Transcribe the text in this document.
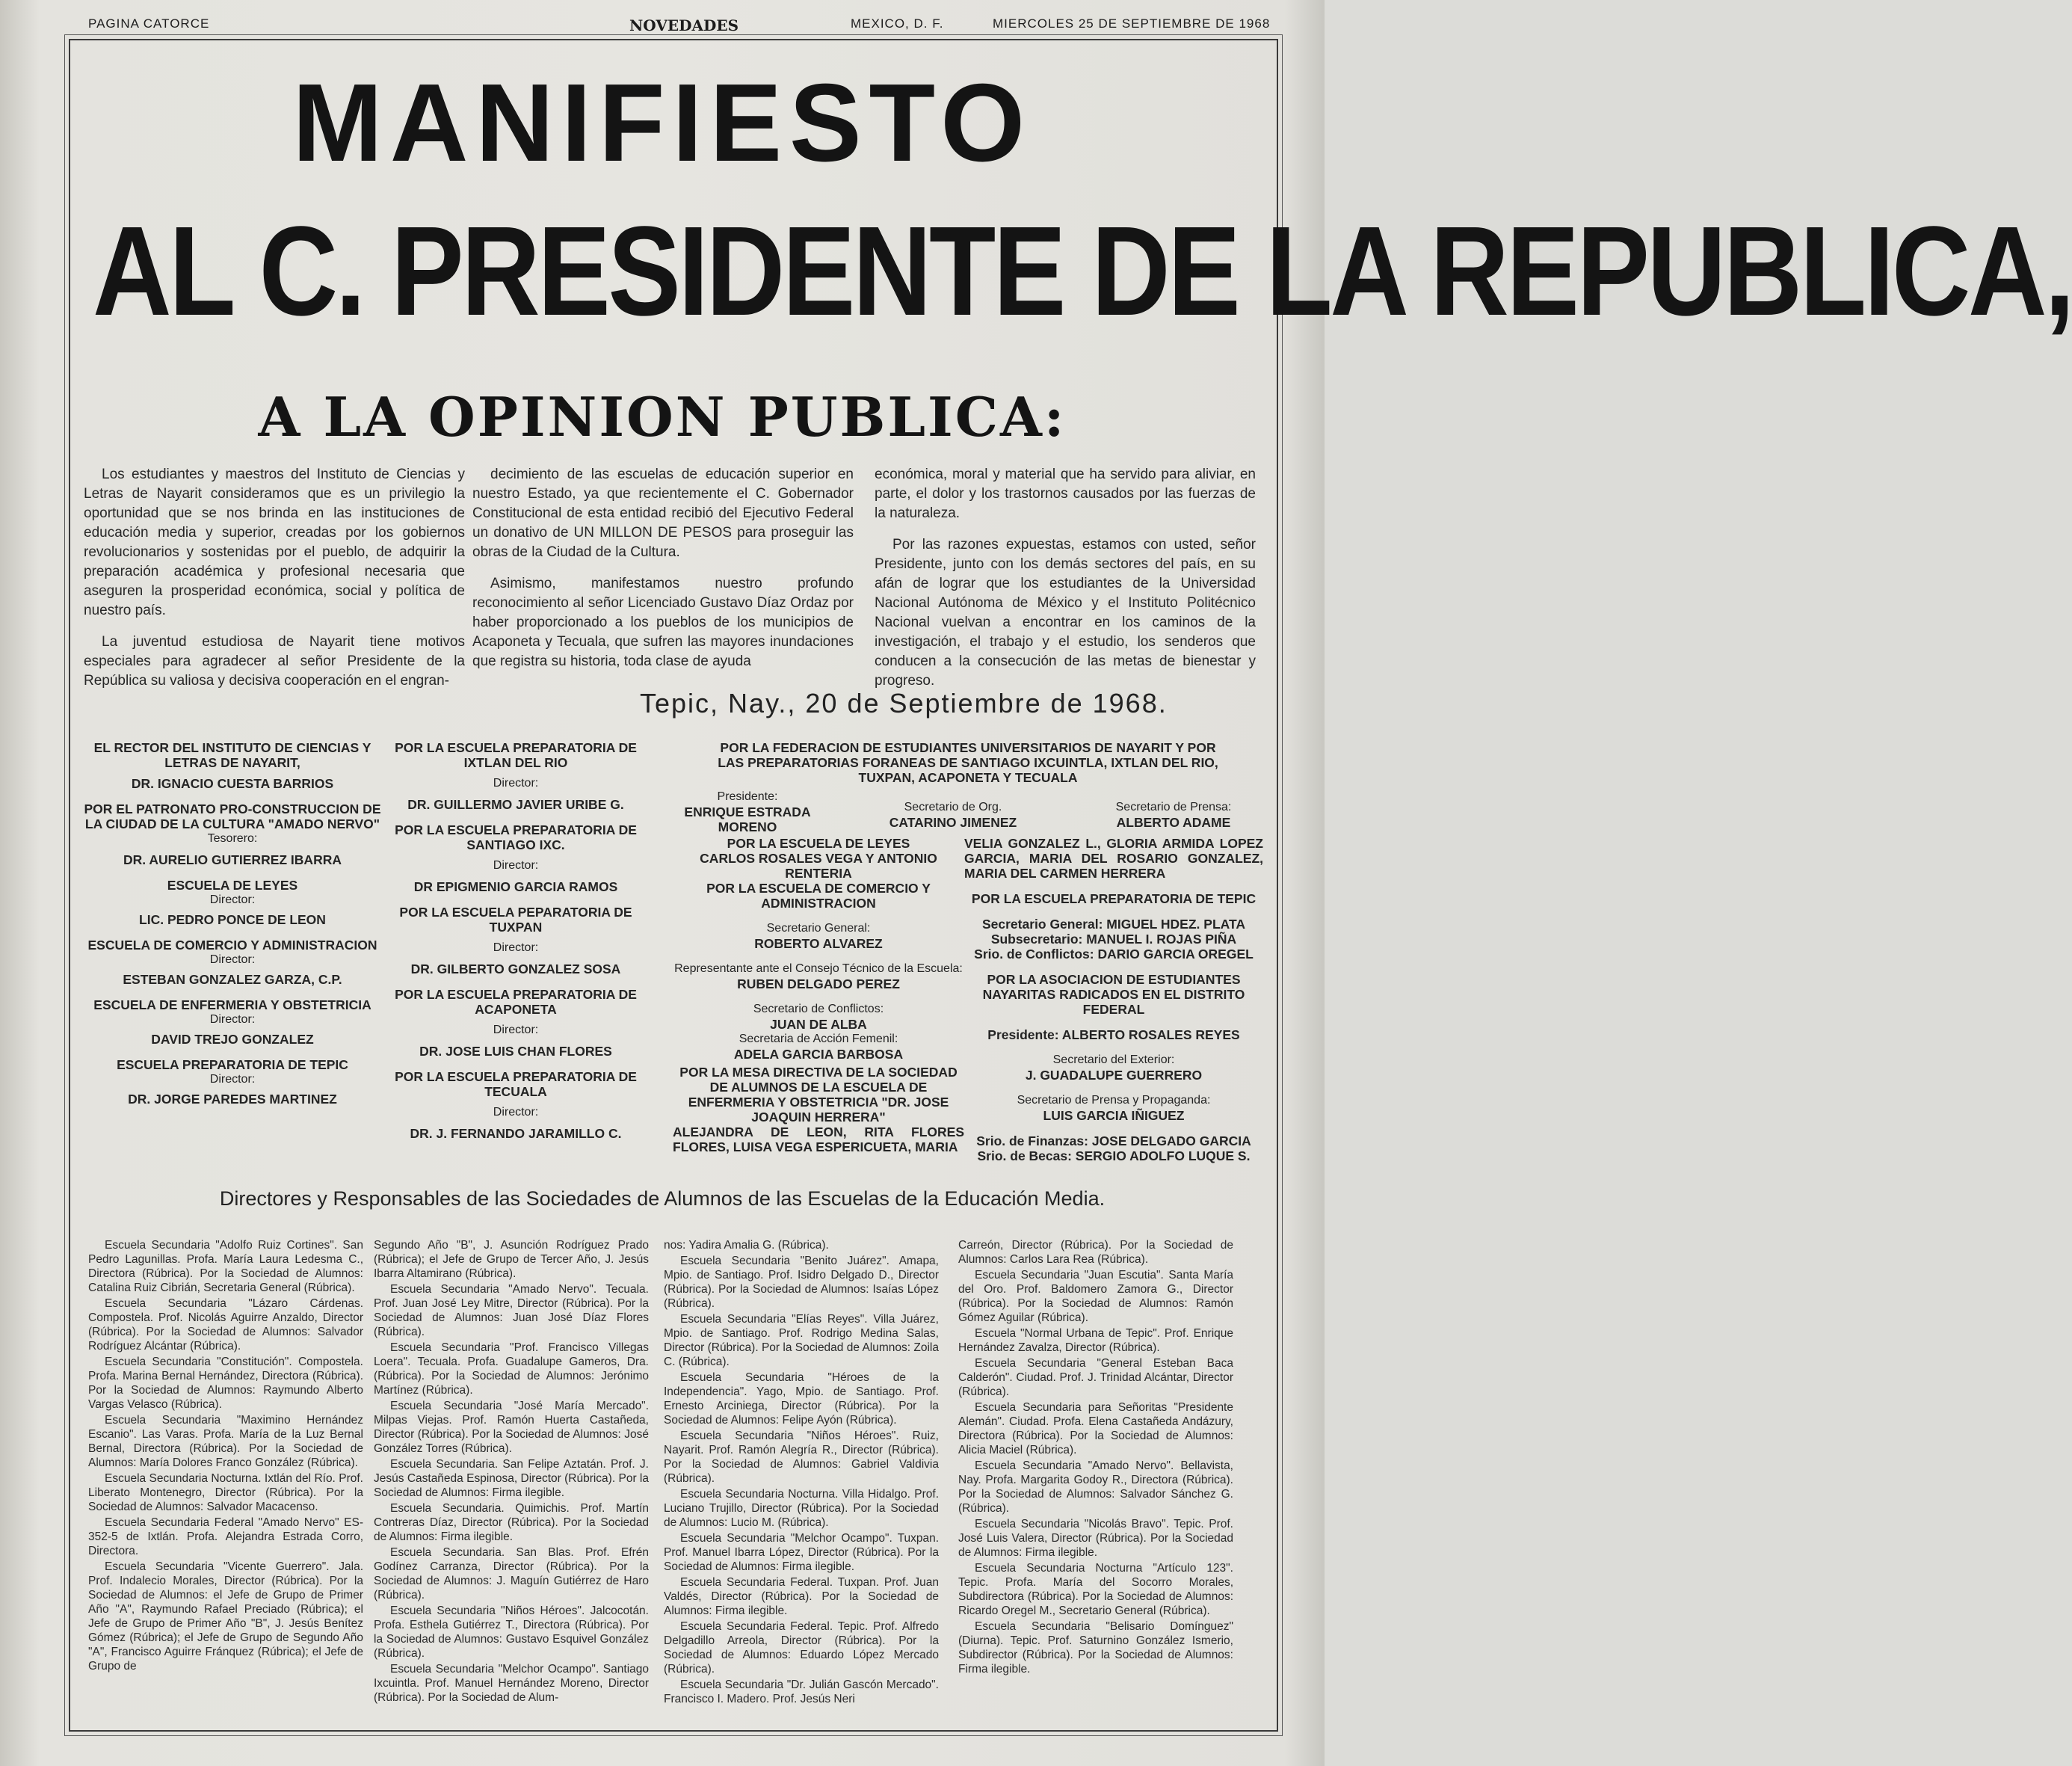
PAGINA CATORCE	NOVEDADES	MEXICO, D. F.	MIERCOLES 25 DE SEPTIEMBRE DE 1968
MANIFIESTO
AL C. PRESIDENTE DE LA REPUBLICA,
A LA OPINION PUBLICA:

Los estudiantes y maestros del Instituto de Ciencias y Letras de Nayarit consideramos que es un privilegio la oportunidad que se nos brinda en las instituciones de educación media y superior, creadas por los gobiernos revolucionarios y sostenidas por el pueblo, de adquirir la preparación académica y profesional necesaria que aseguren la prosperidad económica, social y política de nuestro país.

La juventud estudiosa de Nayarit tiene motivos especiales para agradecer al señor Presidente de la República su valiosa y decisiva cooperación en el engran-

decimiento de las escuelas de educación superior en nuestro Estado, ya que recientemente el C. Gobernador Constitucional de esta entidad recibió del Ejecutivo Federal un donativo de UN MILLON DE PESOS para proseguir las obras de la Ciudad de la Cultura.

Asimismo, manifestamos nuestro profundo reconocimiento al señor Licenciado Gustavo Díaz Ordaz por haber proporcionado a los pueblos de los municipios de Acaponeta y Tecuala, que sufren las mayores inundaciones que registra su historia, toda clase de ayuda

económica, moral y material que ha servido para aliviar, en parte, el dolor y los trastornos causados por las fuerzas de la naturaleza.

Por las razones expuestas, estamos con usted, señor Presidente, junto con los demás sectores del país, en su afán de lograr que los estudiantes de la Universidad Nacional Autónoma de México y el Instituto Politécnico Nacional vuelvan a encontrar en los caminos de la investigación, el trabajo y el estudio, los senderos que conducen a la consecución de las metas de bienestar y progreso.

Tepic, Nay., 20 de Septiembre de 1968.
EL RECTOR DEL INSTITUTO DE CIENCIAS Y LETRAS DE NAYARIT,
DR. IGNACIO CUESTA BARRIOS
POR EL PATRONATO PRO-CONSTRUCCION DE LA CIUDAD DE LA CULTURA "AMADO NERVO"
Tesorero:
DR. AURELIO GUTIERREZ IBARRA
ESCUELA DE LEYES
Director:
LIC. PEDRO PONCE DE LEON
ESCUELA DE COMERCIO Y ADMINISTRACION
Director:
ESTEBAN GONZALEZ GARZA, C.P.
ESCUELA DE ENFERMERIA Y OBSTETRICIA
Director:
DAVID TREJO GONZALEZ
ESCUELA PREPARATORIA DE TEPIC
Director:
DR. JORGE PAREDES MARTINEZ
POR LA ESCUELA PREPARATORIA DE IXTLAN DEL RIO
Director:
DR. GUILLERMO JAVIER URIBE G.
POR LA ESCUELA PREPARATORIA DE SANTIAGO IXC.
Director:
DR EPIGMENIO GARCIA RAMOS
POR LA ESCUELA PEPARATORIA DE TUXPAN
Director:
DR. GILBERTO GONZALEZ SOSA
POR LA ESCUELA PREPARATORIA DE ACAPONETA
Director:
DR. JOSE LUIS CHAN FLORES
POR LA ESCUELA PREPARATORIA DE TECUALA
Director:
DR. J. FERNANDO JARAMILLO C.
POR LA FEDERACION DE ESTUDIANTES UNIVERSITARIOS DE NAYARIT Y POR LAS PREPARATORIAS FORANEAS DE SANTIAGO IXCUINTLA, IXTLAN DEL RIO, TUXPAN, ACAPONETA Y TECUALA
Presidente:
ENRIQUE ESTRADA MORENO
Secretario de Org.
CATARINO JIMENEZ
Secretario de Prensa:
ALBERTO ADAME
POR LA ESCUELA DE LEYES
CARLOS ROSALES VEGA Y ANTONIO RENTERIA
POR LA ESCUELA DE COMERCIO Y ADMINISTRACION
Secretario General:
ROBERTO ALVAREZ
Representante ante el Consejo Técnico de la Escuela:
RUBEN DELGADO PEREZ
Secretario de Conflictos:
JUAN DE ALBA
Secretaria de Acción Femenil:
ADELA GARCIA BARBOSA
POR LA MESA DIRECTIVA DE LA SOCIEDAD DE ALUMNOS DE LA ESCUELA DE ENFERMERIA Y OBSTETRICIA "DR. JOSE JOAQUIN HERRERA"
ALEJANDRA DE LEON, RITA FLORES FLORES, LUISA VEGA ESPERICUETA, MARIA
VELIA GONZALEZ L., GLORIA ARMIDA LOPEZ GARCIA, MARIA DEL ROSARIO GONZALEZ, MARIA DEL CARMEN HERRERA
POR LA ESCUELA PREPARATORIA DE TEPIC
Secretario General: MIGUEL HDEZ. PLATA
Subsecretario: MANUEL I. ROJAS PIÑA
Srio. de Conflictos: DARIO GARCIA OREGEL
POR LA ASOCIACION DE ESTUDIANTES NAYARITAS RADICADOS EN EL DISTRITO FEDERAL
Presidente: ALBERTO ROSALES REYES
Secretario del Exterior:
J. GUADALUPE GUERRERO
Secretario de Prensa y Propaganda:
LUIS GARCIA IÑIGUEZ
Srio. de Finanzas: JOSE DELGADO GARCIA
Srio. de Becas: SERGIO ADOLFO LUQUE S.
Directores y Responsables de las Sociedades de Alumnos de las Escuelas de la Educación Media.

Escuela Secundaria "Adolfo Ruiz Cortines". San Pedro Lagunillas. Profa. María Laura Ledesma C., Directora (Rúbrica). Por la Sociedad de Alumnos: Catalina Ruiz Cibrián, Secretaria General (Rúbrica).

Escuela Secundaria "Lázaro Cárdenas. Compostela. Prof. Nicolás Aguirre Anzaldo, Director (Rúbrica). Por la Sociedad de Alumnos: Salvador Rodríguez Alcántar (Rúbrica).

Escuela Secundaria "Constitución". Compostela. Profa. Marina Bernal Hernández, Directora (Rúbrica). Por la Sociedad de Alumnos: Raymundo Alberto Vargas Velasco (Rúbrica).

Escuela Secundaria "Maximino Hernández Escanio". Las Varas. Profa. María de la Luz Bernal Bernal, Directora (Rúbrica). Por la Sociedad de Alumnos: María Dolores Franco González (Rúbrica).

Escuela Secundaria Nocturna. Ixtlán del Río. Prof. Liberato Montenegro, Director (Rúbrica). Por la Sociedad de Alumnos: Salvador Macacenso.

Escuela Secundaria Federal "Amado Nervo" ES-352-5 de Ixtlán. Profa. Alejandra Estrada Corro, Directora.

Escuela Secundaria "Vicente Guerrero". Jala. Prof. Indalecio Morales, Director (Rúbrica). Por la Sociedad de Alumnos: el Jefe de Grupo de Primer Año "A", Raymundo Rafael Preciado (Rúbrica); el Jefe de Grupo de Primer Año "B", J. Jesús Benítez Gómez (Rúbrica); el Jefe de Grupo de Segundo Año "A", Francisco Aguirre Fránquez (Rúbrica); el Jefe de Grupo de

Segundo Año "B", J. Asunción Rodríguez Prado (Rúbrica); el Jefe de Grupo de Tercer Año, J. Jesús Ibarra Altamirano (Rúbrica).

Escuela Secundaria "Amado Nervo". Tecuala. Prof. Juan José Ley Mitre, Director (Rúbrica). Por la Sociedad de Alumnos: Juan José Díaz Flores (Rúbrica).

Escuela Secundaria "Prof. Francisco Villegas Loera". Tecuala. Profa. Guadalupe Gameros, Dra. (Rúbrica). Por la Sociedad de Alumnos: Jerónimo Martínez (Rúbrica).

Escuela Secundaria "José María Mercado". Milpas Viejas. Prof. Ramón Huerta Castañeda, Director (Rúbrica). Por la Sociedad de Alumnos: José González Torres (Rúbrica).

Escuela Secundaria. San Felipe Aztatán. Prof. J. Jesús Castañeda Espinosa, Director (Rúbrica). Por la Sociedad de Alumnos: Firma ilegible.

Escuela Secundaria. Quimichis. Prof. Martín Contreras Díaz, Director (Rúbrica). Por la Sociedad de Alumnos: Firma ilegible.

Escuela Secundaria. San Blas. Prof. Efrén Godínez Carranza, Director (Rúbrica). Por la Sociedad de Alumnos: J. Maguín Gutiérrez de Haro (Rúbrica).

Escuela Secundaria "Niños Héroes". Jalcocotán. Profa. Esthela Gutiérrez T., Directora (Rúbrica). Por la Sociedad de Alumnos: Gustavo Esquivel González (Rúbrica).

Escuela Secundaria "Melchor Ocampo". Santiago Ixcuintla. Prof. Manuel Hernández Moreno, Director (Rúbrica). Por la Sociedad de Alum-

nos: Yadira Amalia G. (Rúbrica).

Escuela Secundaria "Benito Juárez". Amapa, Mpio. de Santiago. Prof. Isidro Delgado D., Director (Rúbrica). Por la Sociedad de Alumnos: Isaías López (Rúbrica).

Escuela Secundaria "Elías Reyes". Villa Juárez, Mpio. de Santiago. Prof. Rodrigo Medina Salas, Director (Rúbrica). Por la Sociedad de Alumnos: Zoila C. (Rúbrica).

Escuela Secundaria "Héroes de la Independencia". Yago, Mpio. de Santiago. Prof. Ernesto Arciniega, Director (Rúbrica). Por la Sociedad de Alumnos: Felipe Ayón (Rúbrica).

Escuela Secundaria "Niños Héroes". Ruiz, Nayarit. Prof. Ramón Alegría R., Director (Rúbrica). Por la Sociedad de Alumnos: Gabriel Valdivia (Rúbrica).

Escuela Secundaria Nocturna. Villa Hidalgo. Prof. Luciano Trujillo, Director (Rúbrica). Por la Sociedad de Alumnos: Lucio M. (Rúbrica).

Escuela Secundaria "Melchor Ocampo". Tuxpan. Prof. Manuel Ibarra López, Director (Rúbrica). Por la Sociedad de Alumnos: Firma ilegible.

Escuela Secundaria Federal. Tuxpan. Prof. Juan Valdés, Director (Rúbrica). Por la Sociedad de Alumnos: Firma ilegible.

Escuela Secundaria Federal. Tepic. Prof. Alfredo Delgadillo Arreola, Director (Rúbrica). Por la Sociedad de Alumnos: Eduardo López Mercado (Rúbrica).

Escuela Secundaria "Dr. Julián Gascón Mercado". Francisco I. Madero. Prof. Jesús Neri

Carreón, Director (Rúbrica). Por la Sociedad de Alumnos: Carlos Lara Rea (Rúbrica).

Escuela Secundaria "Juan Escutia". Santa María del Oro. Prof. Baldomero Zamora G., Director (Rúbrica). Por la Sociedad de Alumnos: Ramón Gómez Aguilar (Rúbrica).

Escuela "Normal Urbana de Tepic". Prof. Enrique Hernández Zavalza, Director (Rúbrica).

Escuela Secundaria "General Esteban Baca Calderón". Ciudad. Prof. J. Trinidad Alcántar, Director (Rúbrica).

Escuela Secundaria para Señoritas "Presidente Alemán". Ciudad. Profa. Elena Castañeda Andázury, Directora (Rúbrica). Por la Sociedad de Alumnos: Alicia Maciel (Rúbrica).

Escuela Secundaria "Amado Nervo". Bellavista, Nay. Profa. Margarita Godoy R., Directora (Rúbrica). Por la Sociedad de Alumnos: Salvador Sánchez G. (Rúbrica).

Escuela Secundaria "Nicolás Bravo". Tepic. Prof. José Luis Valera, Director (Rúbrica). Por la Sociedad de Alumnos: Firma ilegible.

Escuela Secundaria Nocturna "Artículo 123". Tepic. Profa. María del Socorro Morales, Subdirectora (Rúbrica). Por la Sociedad de Alumnos: Ricardo Oregel M., Secretario General (Rúbrica).

Escuela Secundaria "Belisario Domínguez" (Diurna). Tepic. Prof. Saturnino González Ismerio, Subdirector (Rúbrica). Por la Sociedad de Alumnos: Firma ilegible.
